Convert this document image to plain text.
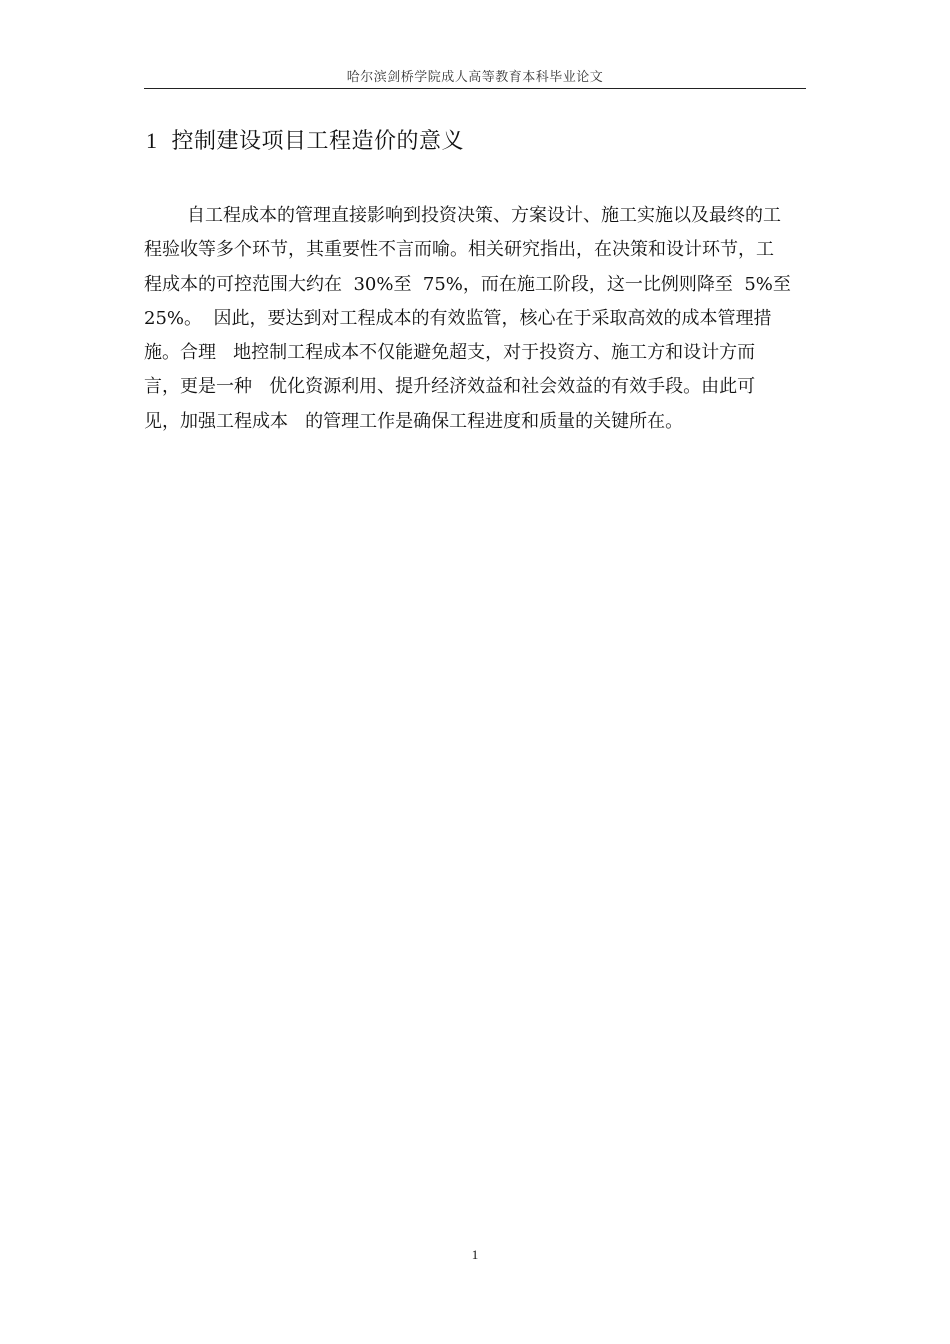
哈尔滨剑桥学院成人高等教育本科毕业论文
1 控制建设项目工程造价的意义
自工程成本的管理直接影响到投资决策、方案设计、施工实施以及最终的工
程验收等多个环节，其重要性不言而喻。相关研究指出，在决策和设计环节，工
程成本的可控范围大约在  30%至  75%，而在施工阶段，这一比例则降至  5%至
25%。  因此，要达到对工程成本的有效监管，核心在于采取高效的成本管理措
施。合理   地控制工程成本不仅能避免超支，对于投资方、施工方和设计方而
言，更是一种   优化资源利用、提升经济效益和社会效益的有效手段。由此可
见，加强工程成本   的管理工作是确保工程进度和质量的关键所在。
1
